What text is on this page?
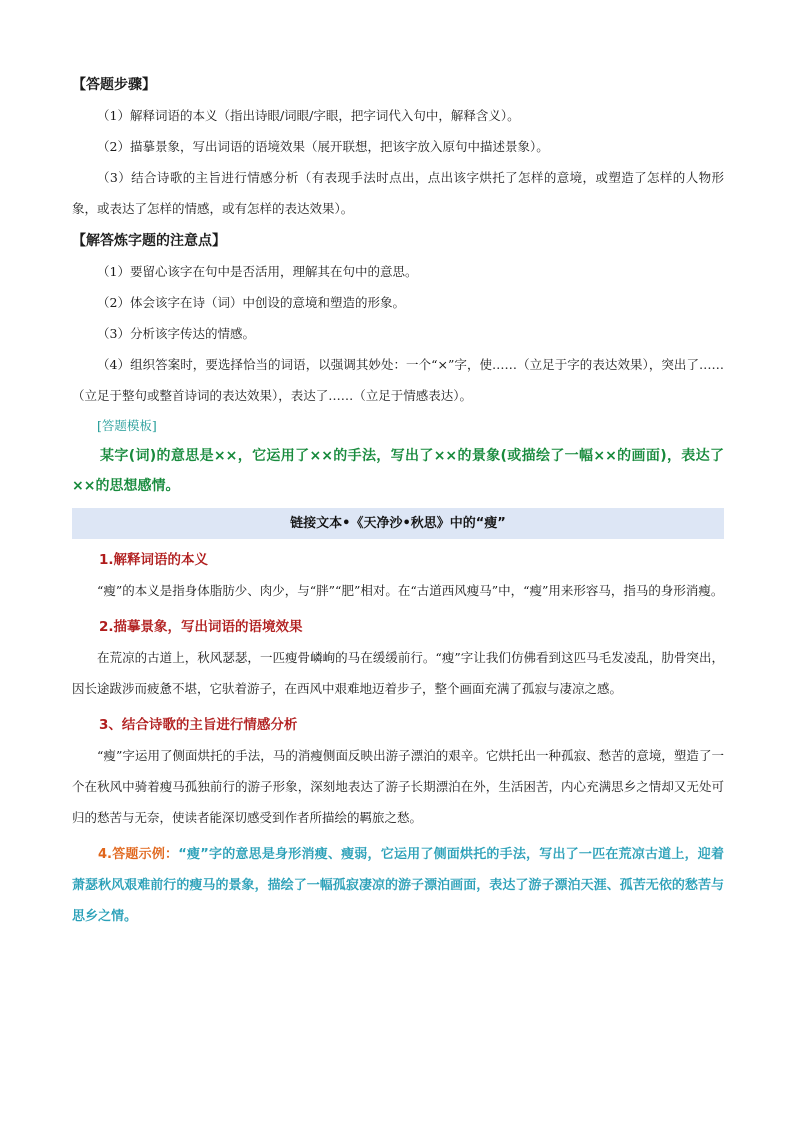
【答题步骤】

（1）解释词语的本义（指出诗眼/词眼/字眼，把字词代入句中，解释含义）。

（2）描摹景象，写出词语的语境效果（展开联想，把该字放入原句中描述景象）。

（3）结合诗歌的主旨进行情感分析（有表现手法时点出，点出该字烘托了怎样的意境，或塑造了怎样的人物形象，或表达了怎样的情感，或有怎样的表达效果）。

【解答炼字题的注意点】

（1）要留心该字在句中是否活用，理解其在句中的意思。

（2）体会该字在诗（词）中创设的意境和塑造的形象。

（3）分析该字传达的情感。

（4）组织答案时，要选择恰当的词语，以强调其妙处：一个“×”字，使……（立足于字的表达效果），突出了……（立足于整句或整首诗词的表达效果），表达了……（立足于情感表达）。

[答题模板]

某字(词)的意思是××，它运用了××的手法，写出了××的景象(或描绘了一幅××的画面)，表达了××的思想感情。

链接文本•《天净沙•秋思》中的“瘦”

1.解释词语的本义

“瘦”的本义是指身体脂肪少、肉少，与“胖”“肥”相对。在“古道西风瘦马”中，“瘦”用来形容马，指马的身形消瘦。

2.描摹景象，写出词语的语境效果

在荒凉的古道上，秋风瑟瑟，一匹瘦骨嶙峋的马在缓缓前行。“瘦”字让我们仿佛看到这匹马毛发凌乱，肋骨突出，因长途跋涉而疲惫不堪，它驮着游子，在西风中艰难地迈着步子，整个画面充满了孤寂与凄凉之感。

3、结合诗歌的主旨进行情感分析

“瘦”字运用了侧面烘托的手法，马的消瘦侧面反映出游子漂泊的艰辛。它烘托出一种孤寂、愁苦的意境，塑造了一个在秋风中骑着瘦马孤独前行的游子形象，深刻地表达了游子长期漂泊在外，生活困苦，内心充满思乡之情却又无处可归的愁苦与无奈，使读者能深切感受到作者所描绘的羁旅之愁。

4.答题示例：“瘦”字的意思是身形消瘦、瘦弱，它运用了侧面烘托的手法，写出了一匹在荒凉古道上，迎着萧瑟秋风艰难前行的瘦马的景象，描绘了一幅孤寂凄凉的游子漂泊画面，表达了游子漂泊天涯、孤苦无依的愁苦与思乡之情。
